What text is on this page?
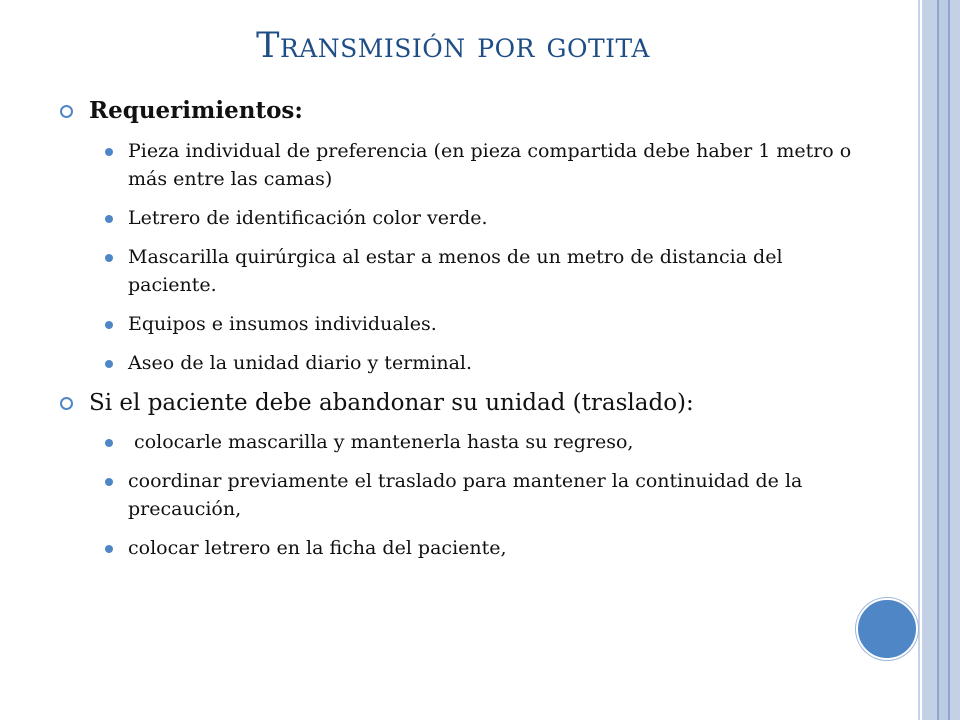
Transmisión por gotita
Requerimientos:
Pieza individual de preferencia (en pieza compartida debe haber 1 metro o más entre las camas)
Letrero de identificación color verde.
Mascarilla quirúrgica al estar a menos de un metro de distancia del paciente.
Equipos e insumos individuales.
Aseo de la unidad diario y terminal.
Si el paciente debe abandonar su unidad (traslado):
colocarle mascarilla y mantenerla hasta su regreso,
coordinar previamente el traslado para mantener la continuidad de la precaución,
colocar letrero en la ficha del paciente,
